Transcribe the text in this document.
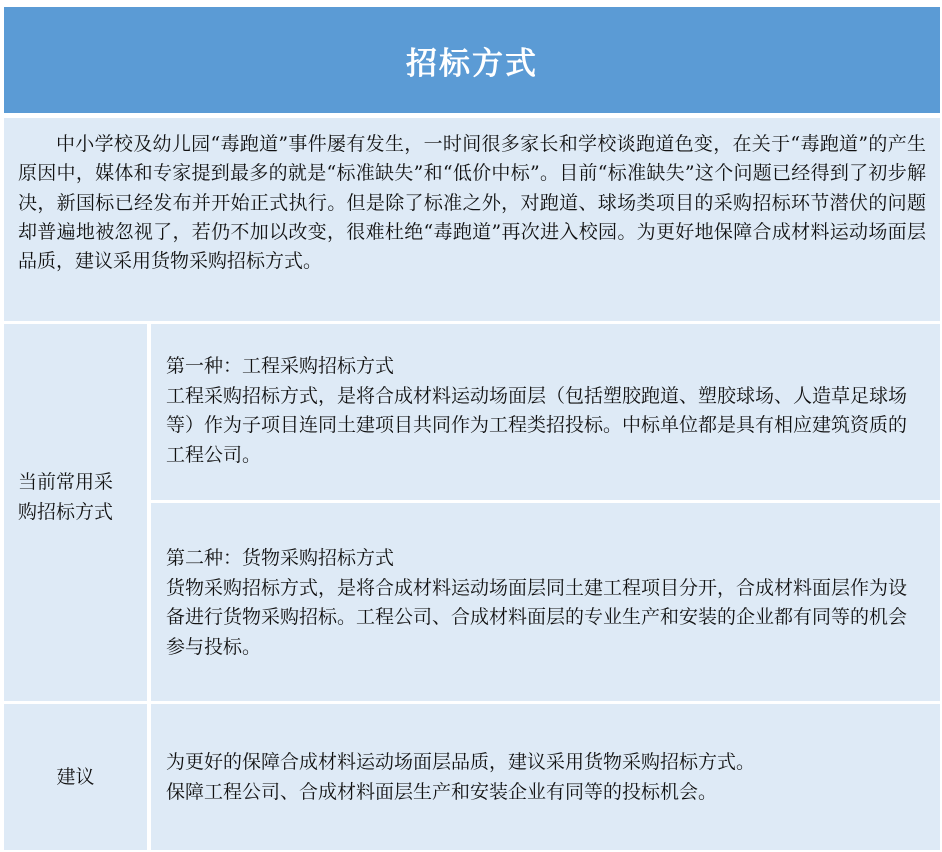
招标方式

中小学校及幼儿园“毒跑道”事件屡有发生，一时间很多家长和学校谈跑道色变，在关于“毒跑道”的产生原因中，媒体和专家提到最多的就是“标准缺失”和“低价中标”。目前“标准缺失”这个问题已经得到了初步解决，新国标已经发布并开始正式执行。但是除了标准之外，对跑道、球场类项目的采购招标环节潜伏的问题却普遍地被忽视了，若仍不加以改变，很难杜绝“毒跑道”再次进入校园。为更好地保障合成材料运动场面层品质，建议采用货物采购招标方式。

当前常用采购招标方式

第一种：工程采购招标方式

工程采购招标方式，是将合成材料运动场面层（包括塑胶跑道、塑胶球场、人造草足球场等）作为子项目连同土建项目共同作为工程类招投标。中标单位都是具有相应建筑资质的工程公司。

第二种：货物采购招标方式

货物采购招标方式，是将合成材料运动场面层同土建工程项目分开，合成材料面层作为设备进行货物采购招标。工程公司、合成材料面层的专业生产和安装的企业都有同等的机会参与投标。

建议

为更好的保障合成材料运动场面层品质，建议采用货物采购招标方式。

保障工程公司、合成材料面层生产和安装企业有同等的投标机会。
